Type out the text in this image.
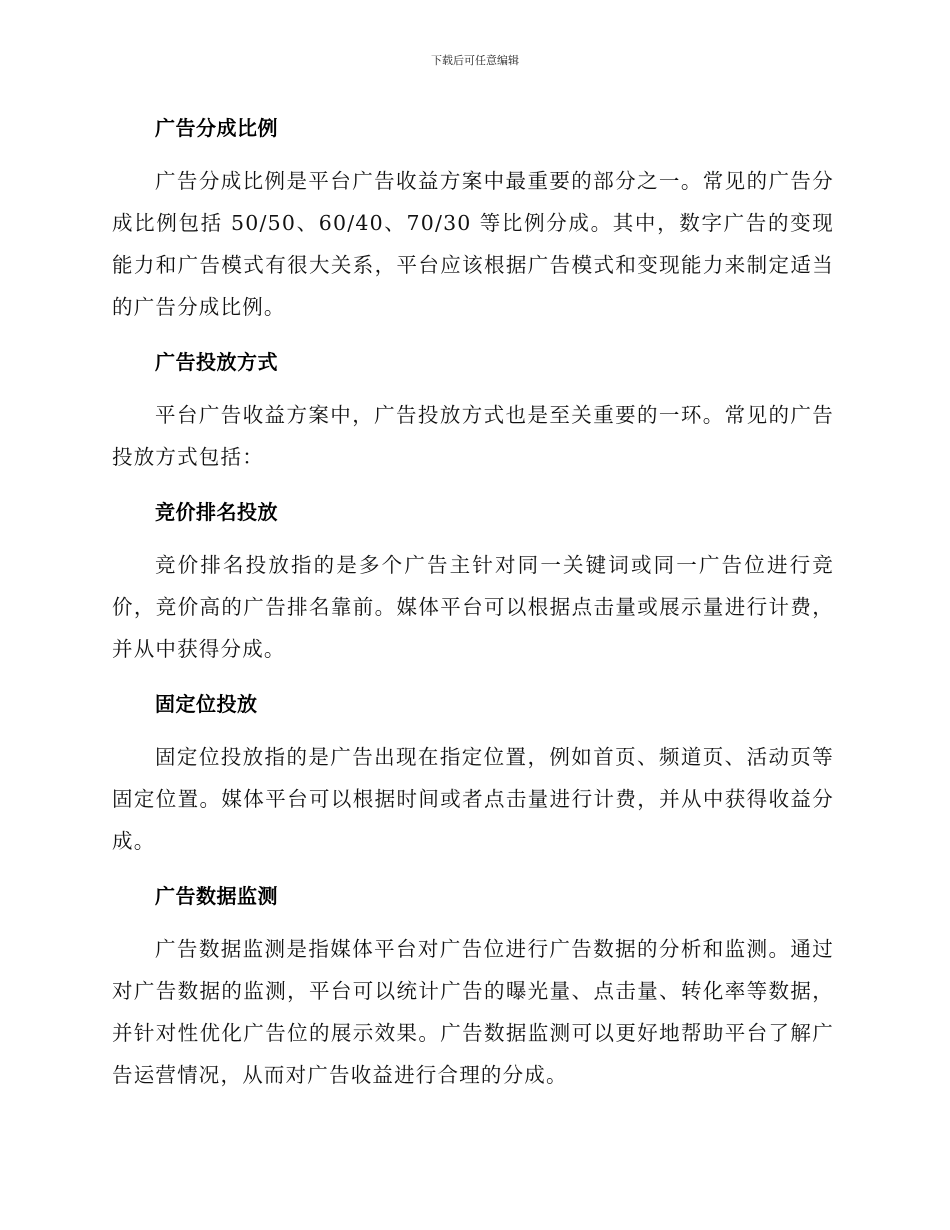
下载后可任意编辑
广告分成比例

广告分成比例是平台广告收益方案中最重要的部分之一。常见的广告分成比例包括 50/50、60/40、70/30 等比例分成。其中，数字广告的变现能力和广告模式有很大关系，平台应该根据广告模式和变现能力来制定适当的广告分成比例。

广告投放方式

平台广告收益方案中，广告投放方式也是至关重要的一环。常见的广告投放方式包括：

竞价排名投放

竞价排名投放指的是多个广告主针对同一关键词或同一广告位进行竞价，竞价高的广告排名靠前。媒体平台可以根据点击量或展示量进行计费，并从中获得分成。

固定位投放

固定位投放指的是广告出现在指定位置，例如首页、频道页、活动页等固定位置。媒体平台可以根据时间或者点击量进行计费，并从中获得收益分成。

广告数据监测

广告数据监测是指媒体平台对广告位进行广告数据的分析和监测。通过对广告数据的监测，平台可以统计广告的曝光量、点击量、转化率等数据，并针对性优化广告位的展示效果。广告数据监测可以更好地帮助平台了解广告运营情况，从而对广告收益进行合理的分成。
